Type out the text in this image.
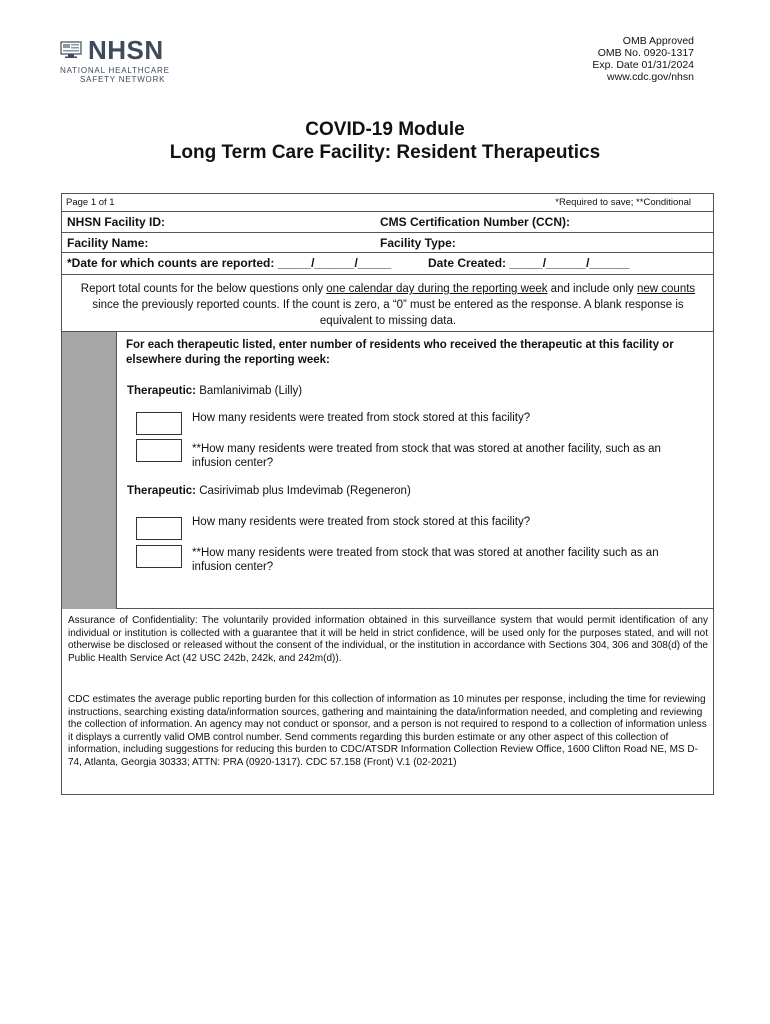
NHSN
NATIONAL HEALTHCARE
SAFETY NETWORK
OMB Approved
OMB No. 0920-1317
Exp. Date 01/31/2024
www.cdc.gov/nhsn
COVID-19 Module
Long Term Care Facility: Resident Therapeutics
Page 1 of 1	*Required to save; **Conditional
NHSN Facility ID:	CMS Certification Number (CCN):
Facility Name:	Facility Type:
*Date for which counts are reported: _____/______/_____	Date Created: _____/______/______
Report total counts for the below questions only one calendar day during the reporting week and include only new counts since the previously reported counts. If the count is zero, a “0” must be entered as the response. A blank response is equivalent to missing data.
For each therapeutic listed, enter number of residents who received the therapeutic at this facility or elsewhere during the reporting week:
Therapeutic: Bamlanivimab (Lilly)
How many residents were treated from stock stored at this facility?
**How many residents were treated from stock that was stored at another facility, such as an infusion center?
Therapeutic: Casirivimab plus Imdevimab (Regeneron)
How many residents were treated from stock stored at this facility?
**How many residents were treated from stock that was stored at another facility such as an infusion center?
Assurance of Confidentiality: The voluntarily provided information obtained in this surveillance system that would permit identification of any individual or institution is collected with a guarantee that it will be held in strict confidence, will be used only for the purposes stated, and will not otherwise be disclosed or released without the consent of the individual, or the institution in accordance with Sections 304, 306 and 308(d) of the Public Health Service Act (42 USC 242b, 242k, and 242m(d)).
CDC estimates the average public reporting burden for this collection of information as 10 minutes per response, including the time for reviewing instructions, searching existing data/information sources, gathering and maintaining the data/information needed, and completing and reviewing the collection of information. An agency may not conduct or sponsor, and a person is not required to respond to a collection of information unless it displays a currently valid OMB control number. Send comments regarding this burden estimate or any other aspect of this collection of information, including suggestions for reducing this burden to CDC/ATSDR Information Collection Review Office, 1600 Clifton Road NE, MS D-74, Atlanta, Georgia 30333; ATTN: PRA (0920-1317). CDC 57.158 (Front) V.1 (02-2021)
